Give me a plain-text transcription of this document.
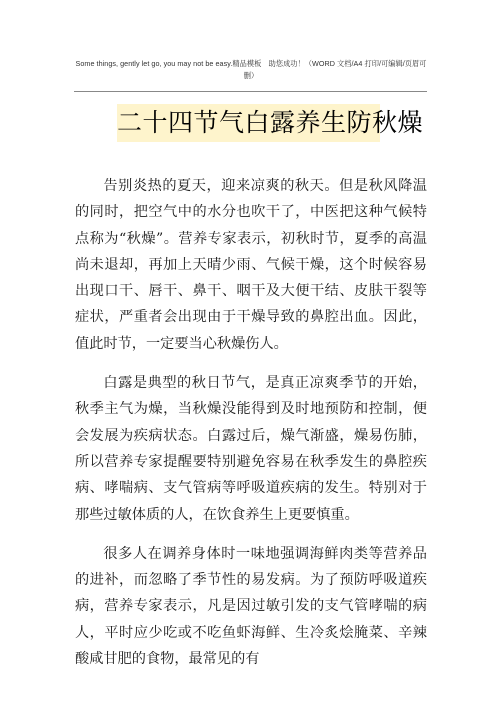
Some things, gently let go, you may not be easy.精品模板　助您成功！（WORD 文档/A4 打印/可编辑/页眉可
删）
二十四节气白露养生防秋燥

告别炎热的夏天，迎来凉爽的秋天。但是秋风降温的同时，把空气中的水分也吹干了，中医把这种气候特点称为“秋燥”。营养专家表示，初秋时节，夏季的高温尚未退却，再加上天晴少雨、气候干燥，这个时候容易出现口干、唇干、鼻干、咽干及大便干结、皮肤干裂等症状，严重者会出现由于干燥导致的鼻腔出血。因此，值此时节，一定要当心秋燥伤人。

白露是典型的秋日节气，是真正凉爽季节的开始，秋季主气为燥，当秋燥没能得到及时地预防和控制，便会发展为疾病状态。白露过后，燥气渐盛，燥易伤肺，所以营养专家提醒要特别避免容易在秋季发生的鼻腔疾病、哮喘病、支气管病等呼吸道疾病的发生。特别对于那些过敏体质的人，在饮食养生上更要慎重。

很多人在调养身体时一味地强调海鲜肉类等营养品的进补，而忽略了季节性的易发病。为了预防呼吸道疾病，营养专家表示，凡是因过敏引发的支气管哮喘的病人，平时应少吃或不吃鱼虾海鲜、生冷炙烩腌菜、辛辣酸咸甘肥的食物，最常见的有
